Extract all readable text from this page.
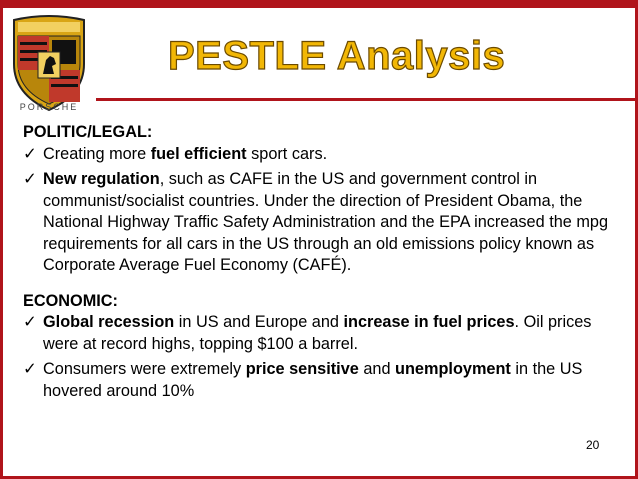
PORSCHE
PESTLE Analysis
POLITIC/LEGAL:
✓ Creating more fuel efficient sport cars.
✓ New regulation, such as CAFE in the US and government control in communist/socialist countries. Under the direction of President Obama, the National Highway Traffic Safety Administration and the EPA increased the mpg requirements for all cars in the US through an old emissions policy known as Corporate Average Fuel Economy (CAFÉ).
ECONOMIC:
✓ Global recession in US and Europe and increase in fuel prices. Oil prices were at record highs, topping $100 a barrel.
✓ Consumers were extremely price sensitive and unemployment in the US hovered around 10%
20
